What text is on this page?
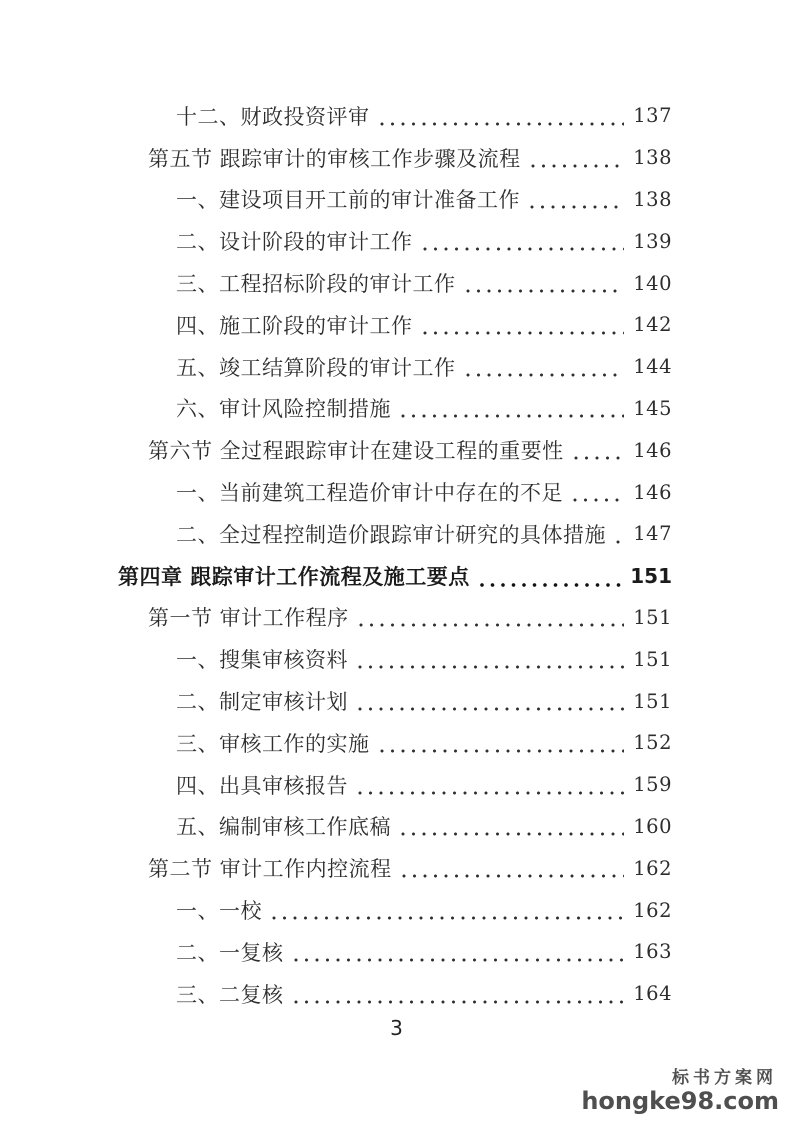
十二、财政投资评审	137
第五节 跟踪审计的审核工作步骤及流程	138
一、建设项目开工前的审计准备工作	138
二、设计阶段的审计工作	139
三、工程招标阶段的审计工作	140
四、施工阶段的审计工作	142
五、竣工结算阶段的审计工作	144
六、审计风险控制措施	145
第六节 全过程跟踪审计在建设工程的重要性	146
一、当前建筑工程造价审计中存在的不足	146
二、全过程控制造价跟踪审计研究的具体措施 147
第四章 跟踪审计工作流程及施工要点	151
第一节 审计工作程序	151
一、搜集审核资料	151
二、制定审核计划	151
三、审核工作的实施	152
四、出具审核报告	159
五、编制审核工作底稿	160
第二节 审计工作内控流程	162
一、一校	162
二、一复核	163
三、二复核	164
3
标书方案网
hongke98.com
